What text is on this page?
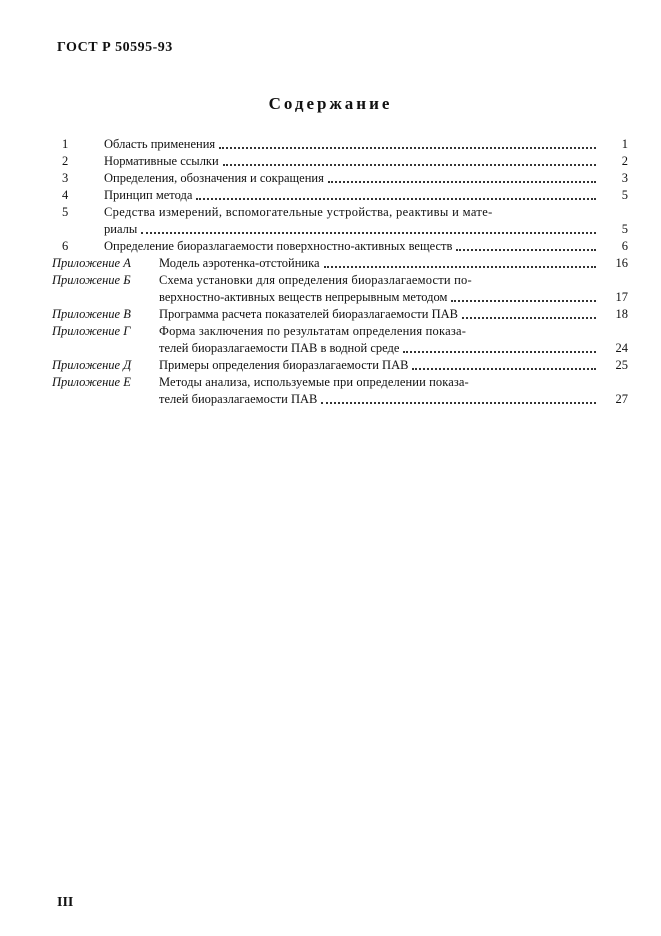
ГОСТ Р 50595-93
Содержание
1	Область применения	1
2	Нормативные ссылки	2
3	Определения, обозначения и сокращения	3
4	Принцип метода	5
5	Средства измерений, вспомогательные устройства, реактивы и мате-
риалы	5
6	Определение биоразлагаемости поверхностно-активных веществ	6
Приложение А	Модель аэротенка-отстойника	16
Приложение Б	Схема установки для определения биоразлагаемости по-
верхностно-активных веществ непрерывным методом	17
Приложение В	Программа расчета показателей биоразлагаемости ПАВ	18
Приложение Г	Форма заключения по результатам определения показа-
телей биоразлагаемости ПАВ в водной среде	24
Приложение Д	Примеры определения биоразлагаемости ПАВ	25
Приложение Е	Методы анализа, используемые при определении показа-
телей биоразлагаемости ПАВ	27
III
